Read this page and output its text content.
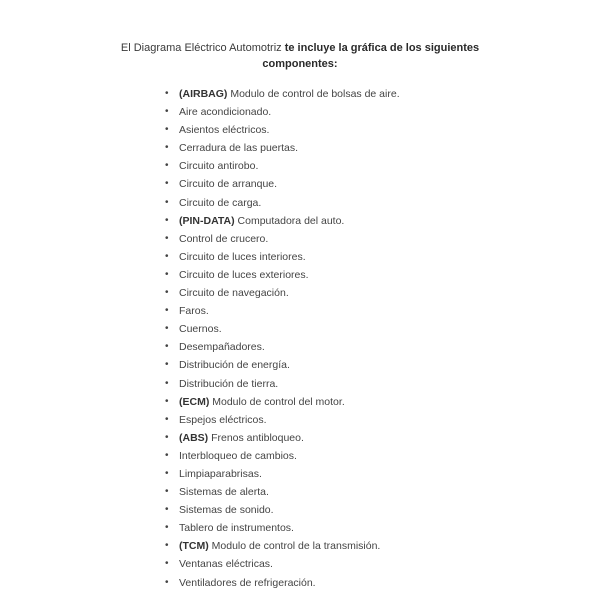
El Diagrama Eléctrico Automotriz te incluye la gráfica de los siguientes
componentes:
• (AIRBAG) Modulo de control de bolsas de aire.
• Aire acondicionado.
• Asientos eléctricos.
• Cerradura de las puertas.
• Circuito antirobo.
• Circuito de arranque.
• Circuito de carga.
• (PIN-DATA) Computadora del auto.
• Control de crucero.
• Circuito de luces interiores.
• Circuito de luces exteriores.
• Circuito de navegación.
• Faros.
• Cuernos.
• Desempañadores.
• Distribución de energía.
• Distribución de tierra.
• (ECM) Modulo de control del motor.
• Espejos eléctricos.
• (ABS) Frenos antibloqueo.
• Interbloqueo de cambios.
• Limpiaparabrisas.
• Sistemas de alerta.
• Sistemas de sonido.
• Tablero de instrumentos.
• (TCM) Modulo de control de la transmisión.
• Ventanas eléctricas.
• Ventiladores de refrigeración.
